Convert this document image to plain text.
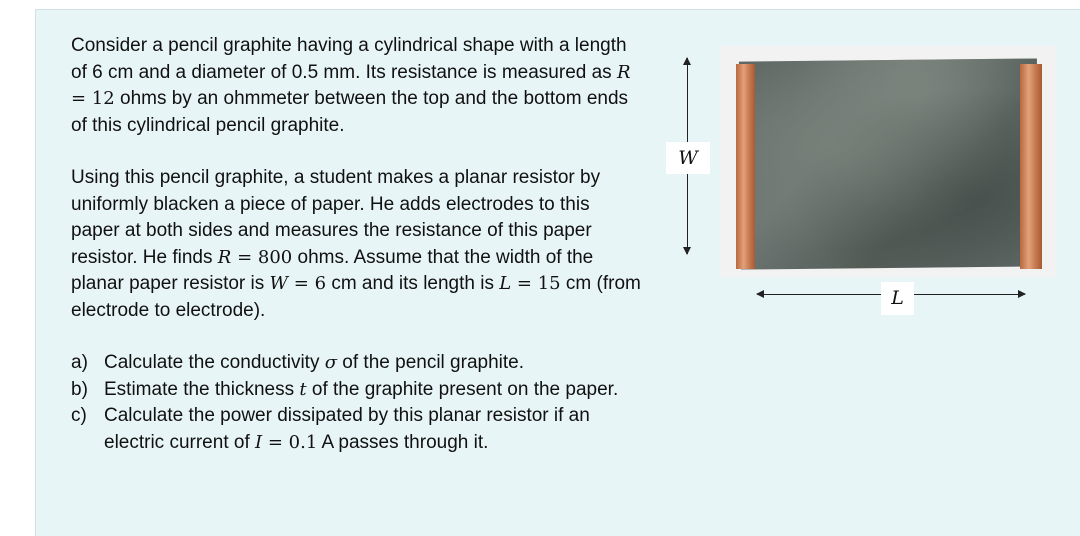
Consider a pencil graphite having a cylindrical shape with a length of 6 cm and a diameter of 0.5 mm. Its resistance is measured as R = 12 ohms by an ohmmeter between the top and the bottom ends of this cylindrical pencil graphite.

Using this pencil graphite, a student makes a planar resistor by uniformly blacken a piece of paper. He adds electrodes to this paper at both sides and measures the resistance of this paper resistor. He finds R = 800 ohms. Assume that the width of the planar paper resistor is W = 6 cm and its length is L = 15 cm (from electrode to electrode).

a) Calculate the conductivity σ of the pencil graphite.
b) Estimate the thickness t of the graphite present on the paper.
c) Calculate the power dissipated by this planar resistor if an electric current of I = 0.1 A passes through it.
W
L
